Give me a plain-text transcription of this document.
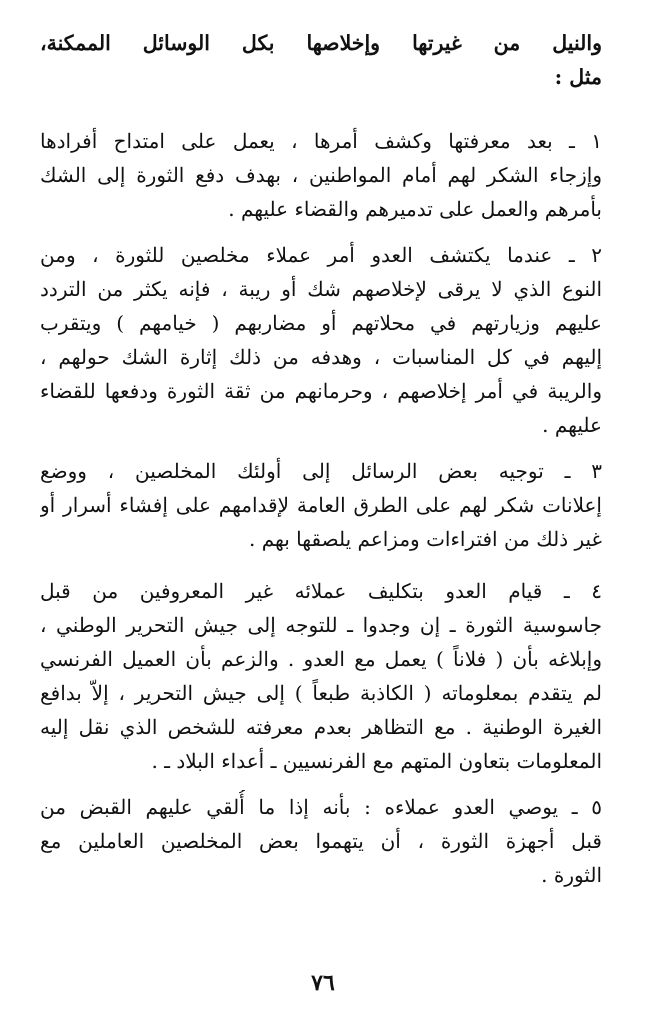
والنيل من غيرتها وإخلاصها بكل الوسائل الممكنة،
مثل :
١ ـ بعد معرفتها وكشف أمرها ، يعمل على امتداح أفرادها
وإزجاء الشكر لهم أمام المواطنين ، بهدف دفع الثورة إلى الشك
بأمرهم والعمل على تدميرهم والقضاء عليهم .
٢ ـ عندما يكتشف العدو أمر عملاء مخلصين للثورة ، ومن
النوع الذي لا يرقى لإخلاصهم شك أو ريبة ، فإنه يكثر من التردد
عليهم وزيارتهم في محلاتهم أو مضاربهم ( خيامهم ) ويتقرب
إليهم في كل المناسبات ، وهدفه من ذلك إثارة الشك حولهم ،
والريبة في أمر إخلاصهم ، وحرمانهم من ثقة الثورة ودفعها للقضاء
عليهم .
٣ ـ توجيه بعض الرسائل إلى أولئك المخلصين ، ووضع
إعلانات شكر لهم على الطرق العامة لإقدامهم على إفشاء أسرار أو
غير ذلك من افتراءات ومزاعم يلصقها بهم .
٤ ـ قيام العدو بتكليف عملائه غير المعروفين من قبل
جاسوسية الثورة ـ إن وجدوا ـ للتوجه إلى جيش التحرير الوطني ،
وإبلاغه بأن ( فلاناً ) يعمل مع العدو . والزعم بأن العميل الفرنسي
لم يتقدم بمعلوماته ( الكاذبة طبعاً ) إلى جيش التحرير ، إلاّ بدافع
الغيرة الوطنية . مع التظاهر بعدم معرفته للشخص الذي نقل إليه
المعلومات بتعاون المتهم مع الفرنسيين ـ أعداء البلاد ـ .
٥ ـ يوصي العدو عملاءه : بأنه إذا ما أُلقي عليهم القبض من
قبل أجهزة الثورة ، أن يتهموا بعض المخلصين العاملين مع
الثورة .
٧٦
